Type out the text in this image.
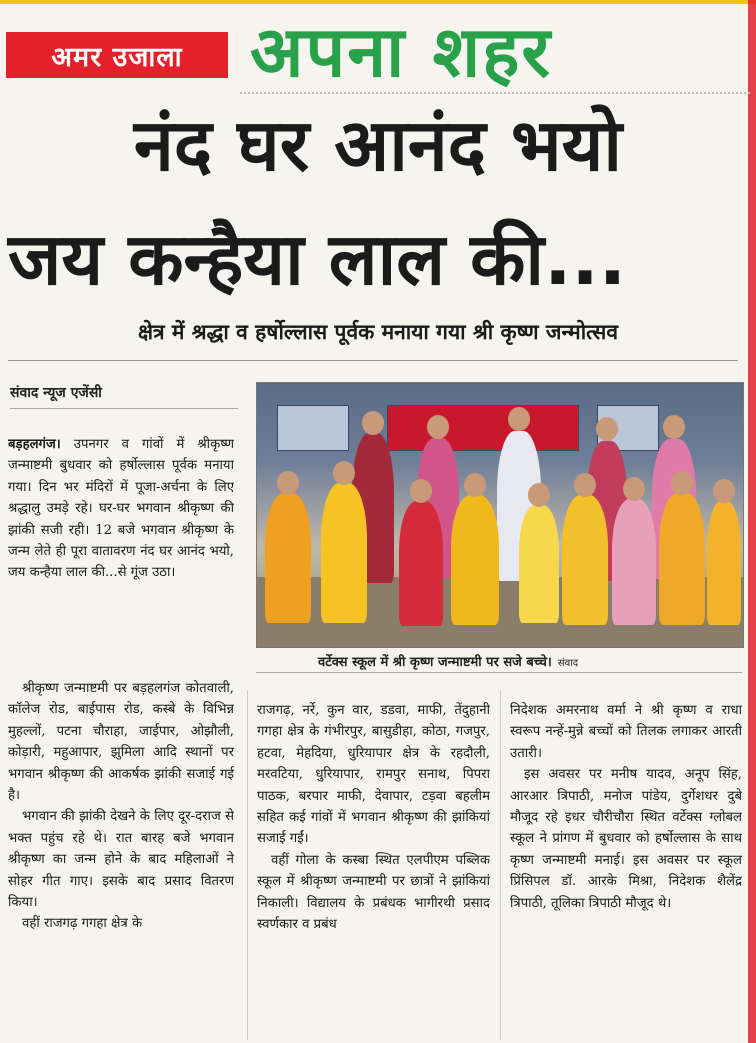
अमर उजाला अपना शहर
नंद घर आनंद भयो
जय कन्हैया लाल की...
क्षेत्र में श्रद्धा व हर्षोल्लास पूर्वक मनाया गया श्री कृष्ण जन्मोत्सव
संवाद न्यूज एजेंसी
वर्टेक्स स्कूल में श्री कृष्ण जन्माष्टमी पर सजे बच्चे। संवाद

बड़हलगंज। उपनगर व गांवों में श्रीकृष्ण जन्माष्टमी बुधवार को हर्षोल्लास पूर्वक मनाया गया। दिन भर मंदिरों में पूजा-अर्चना के लिए श्रद्धालु उमड़े रहे। घर-घर भगवान श्रीकृष्ण की झांकी सजी रही। 12 बजे भगवान श्रीकृष्ण के जन्म लेते ही पूरा वातावरण नंद घर आनंद भयो, जय कन्हैया लाल की...से गूंज उठा।

श्रीकृष्ण जन्माष्टमी पर बड़हलगंज कोतवाली, कॉलेज रोड, बाईपास रोड, कस्बे के विभिन्न मुहल्लों, पटना चौराहा, जाईपार, ओझौली, कोड़ारी, महुआपार, झुमिला आदि स्थानों पर भगवान श्रीकृष्ण की आकर्षक झांकी सजाई गई है।

भगवान की झांकी देखने के लिए दूर-दराज से भक्त पहुंच रहे थे। रात बारह बजे भगवान श्रीकृष्ण का जन्म होने के बाद महिलाओं ने सोहर गीत गाए। इसके बाद प्रसाद वितरण किया।

वहीं राजगढ़ गगहा क्षेत्र के

राजगढ़, नर्रे, कुन वार, डडवा, माफी, तेंदुहानी गगहा क्षेत्र के गंभीरपुर, बासुडीहा, कोठा, गजपुर, हटवा, मेहदिया, धुरियापार क्षेत्र के रहदौली, मरवटिया, धुरियापार, रामपुर सनाथ, पिपरा पाठक, बरपार माफी, देवापार, टड़वा बहलीम सहित कई गांवों में भगवान श्रीकृष्ण की झांकियां सजाई गईं।

वहीं गोला के कस्बा स्थित एलपीएम पब्लिक स्कूल में श्रीकृष्ण जन्माष्टमी पर छात्रों ने झांकियां निकाली। विद्यालय के प्रबंधक भागीरथी प्रसाद स्वर्णकार व प्रबंध

निदेशक अमरनाथ वर्मा ने श्री कृष्ण व राधा स्वरूप नन्हें-मुन्ने बच्चों को तिलक लगाकर आरती उतारी।

इस अवसर पर मनीष यादव, अनूप सिंह, आरआर त्रिपाठी, मनोज पांडेय, दुर्गेशधर दुबे मौजूद रहे इधर चौरीचौरा स्थित वर्टेक्स ग्लोबल स्कूल ने प्रांगण में बुधवार को हर्षोल्लास के साथ कृष्ण जन्माष्टमी मनाई। इस अवसर पर स्कूल प्रिंसिपल डॉ. आरके मिश्रा, निदेशक शैलेंद्र त्रिपाठी, तूलिका त्रिपाठी मौजूद थे।
